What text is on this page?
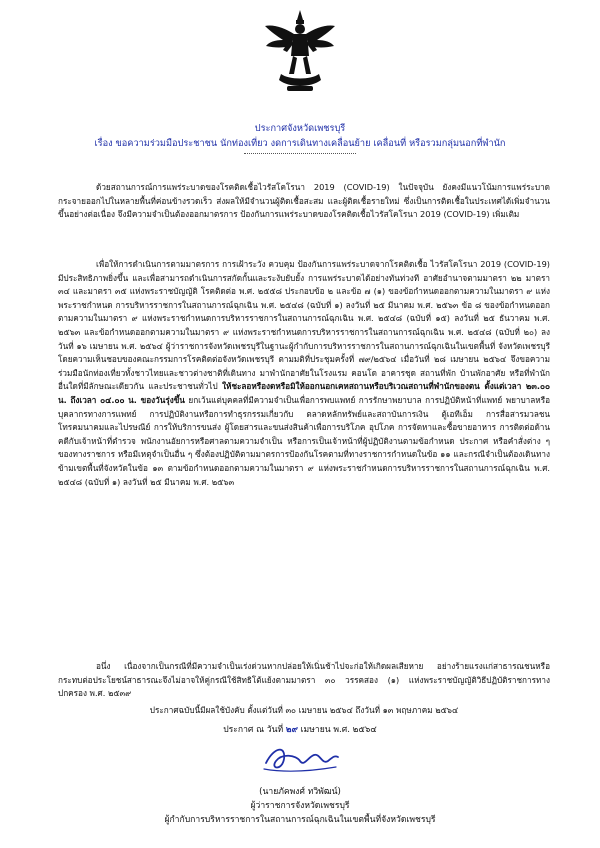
ประกาศจังหวัดเพชรบุรี
เรื่อง ขอความร่วมมือประชาชน นักท่องเที่ยว งดการเดินทางเคลื่อนย้าย เคลื่อนที่ หรือรวมกลุ่มนอกที่พำนัก

ด้วยสถานการณ์การแพร่ระบาดของโรคติดเชื้อไวรัสโคโรนา 2019 (COVID-19) ในปัจจุบัน ยังคงมีแนวโน้มการแพร่ระบาดกระจายออกไปในหลายพื้นที่ค่อนข้างรวดเร็ว ส่งผลให้มีจำนวนผู้ติดเชื้อสะสม และผู้ติดเชื้อรายใหม่ ซึ่งเป็นการติดเชื้อในประเทศได้เพิ่มจำนวนขึ้นอย่างต่อเนื่อง จึงมีความจำเป็นต้องออกมาตรการ ป้องกันการแพร่ระบาดของโรคติดเชื้อไวรัสโคโรนา 2019 (COVID-19) เพิ่มเติม

เพื่อให้การดำเนินการตามมาตรการ การเฝ้าระวัง ควบคุม ป้องกันการแพร่ระบาดจากโรคติดเชื้อ ไวรัสโคโรนา 2019 (COVID-19) มีประสิทธิภาพยิ่งขึ้น และเพื่อสามารถดำเนินการสกัดกั้นและระงับยับยั้ง การแพร่ระบาดได้อย่างทันท่วงที อาศัยอำนาจตามมาตรา ๒๒ มาตรา ๓๔ และมาตรา ๓๕ แห่งพระราชบัญญัติ โรคติดต่อ พ.ศ. ๒๕๕๘ ประกอบข้อ ๒ และข้อ ๗ (๑) ของข้อกำหนดออกตามความในมาตรา ๙ แห่งพระราชกำหนด การบริหารราชการในสถานการณ์ฉุกเฉิน พ.ศ. ๒๕๔๘ (ฉบับที่ ๑) ลงวันที่ ๒๕ มีนาคม พ.ศ. ๒๕๖๓ ข้อ ๘ ของข้อกำหนดออกตามความในมาตรา ๙ แห่งพระราชกำหนดการบริหารราชการในสถานการณ์ฉุกเฉิน พ.ศ. ๒๕๔๘ (ฉบับที่ ๑๕) ลงวันที่ ๒๕ ธันวาคม พ.ศ. ๒๕๖๓ และข้อกำหนดออกตามความในมาตรา ๙ แห่งพระราชกำหนดการบริหารราชการในสถานการณ์ฉุกเฉิน พ.ศ. ๒๕๔๘ (ฉบับที่ ๒๐) ลงวันที่ ๑๖ เมษายน พ.ศ. ๒๕๖๔ ผู้ว่าราชการจังหวัดเพชรบุรีในฐานะผู้กำกับการบริหารราชการในสถานการณ์ฉุกเฉินในเขตพื้นที่ จังหวัดเพชรบุรี โดยความเห็นชอบของคณะกรรมการโรคติดต่อจังหวัดเพชรบุรี ตามมติที่ประชุมครั้งที่ ๗๙/๒๕๖๔ เมื่อวันที่ ๒๘ เมษายน ๒๕๖๔ จึงขอความร่วมมือนักท่องเที่ยวทั้งชาวไทยและชาวต่างชาติที่เดินทาง มาพำนักอาศัยในโรงแรม คอนโด อาคารชุด สถานที่พัก บ้านพักอาศัย หรือที่พำนักอื่นใดที่มีลักษณะเดียวกัน และประชาชนทั่วไป ให้ชะลอหรืองดหรือมิให้ออกนอกเคหสถานหรือบริเวณสถานที่พำนักของตน ตั้งแต่เวลา ๒๓.๐๐ น. ถึงเวลา ๐๔.๐๐ น. ของวันรุ่งขึ้น ยกเว้นแต่บุคคลที่มีความจำเป็นเพื่อการพบแพทย์ การรักษาพยาบาล การปฏิบัติหน้าที่แพทย์ พยาบาลหรือบุคลากรทางการแพทย์ การปฏิบัติงานหรือการทำธุรกรรมเกี่ยวกับ ตลาดหลักทรัพย์และสถาบันการเงิน ตู้เอทีเอ็ม การสื่อสารมวลชน โทรคมนาคมและไปรษณีย์ การให้บริการขนส่ง ผู้โดยสารและขนส่งสินค้าเพื่อการบริโภค อุปโภค การจัดหาและซื้อขายอาหาร การติดต่อด้านคดีกับเจ้าหน้าที่ตำรวจ พนักงานอัยการหรือศาลตามความจำเป็น หรือการเป็นเจ้าหน้าที่ผู้ปฏิบัติงานตามข้อกำหนด ประกาศ หรือคำสั่งต่าง ๆ ของทางราชการ หรือมีเหตุจำเป็นอื่น ๆ ซึ่งต้องปฏิบัติตามมาตรการป้องกันโรคตามที่ทางราชการกำหนดในข้อ ๑๑ และกรณีจำเป็นต้องเดินทางข้ามเขตพื้นที่จังหวัดในข้อ ๑๓ ตามข้อกำหนดออกตามความในมาตรา ๙ แห่งพระราชกำหนดการบริหารราชการในสถานการณ์ฉุกเฉิน พ.ศ. ๒๕๔๘ (ฉบับที่ ๑) ลงวันที่ ๒๕ มีนาคม พ.ศ. ๒๕๖๓

อนึ่ง เนื่องจากเป็นกรณีที่มีความจำเป็นเร่งด่วนหากปล่อยให้เนิ่นช้าไปจะก่อให้เกิดผลเสียหาย อย่างร้ายแรงแก่สาธารณชนหรือกระทบต่อประโยชน์สาธารณะจึงไม่อาจให้คู่กรณีใช้สิทธิโต้แย้งตามมาตรา ๓๐ วรรคสอง (๑) แห่งพระราชบัญญัติวิธีปฏิบัติราชการทางปกครอง พ.ศ. ๒๕๓๙

ประกาศฉบับนี้มีผลใช้บังคับ ตั้งแต่วันที่ ๓๐ เมษายน ๒๕๖๔ ถึงวันที่ ๑๓ พฤษภาคม ๒๕๖๔

ประกาศ ณ วันที่ ๒๙ เมษายน พ.ศ. ๒๕๖๔
(นายภัคพงศ์ ทวิพัฒน์)
ผู้ว่าราชการจังหวัดเพชรบุรี
ผู้กำกับการบริหารราชการในสถานการณ์ฉุกเฉินในเขตพื้นที่จังหวัดเพชรบุรี
